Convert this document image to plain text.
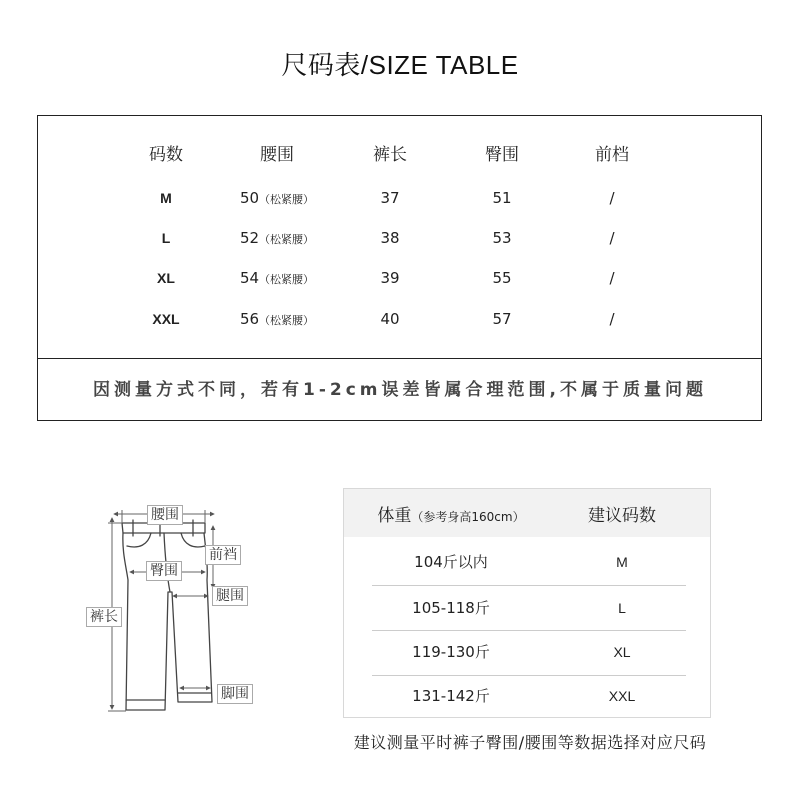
尺码表/SIZE TABLE
码数	腰围	裤长	臀围	前档
M	50（松紧腰）	37	51	/
L	52（松紧腰）	38	53	/
XL	54（松紧腰）	39	55	/
XXL	56（松紧腰）	40	57	/
因测量方式不同，若有1-2cm误差皆属合理范围,不属于质量问题
腰围
前裆
臀围
腿围
裤长
脚围
体重（参考身高160cm）	建议码数
104斤以内	M
105-118斤	L
119-130斤	XL
131-142斤	XXL
建议测量平时裤子臀围/腰围等数据选择对应尺码
